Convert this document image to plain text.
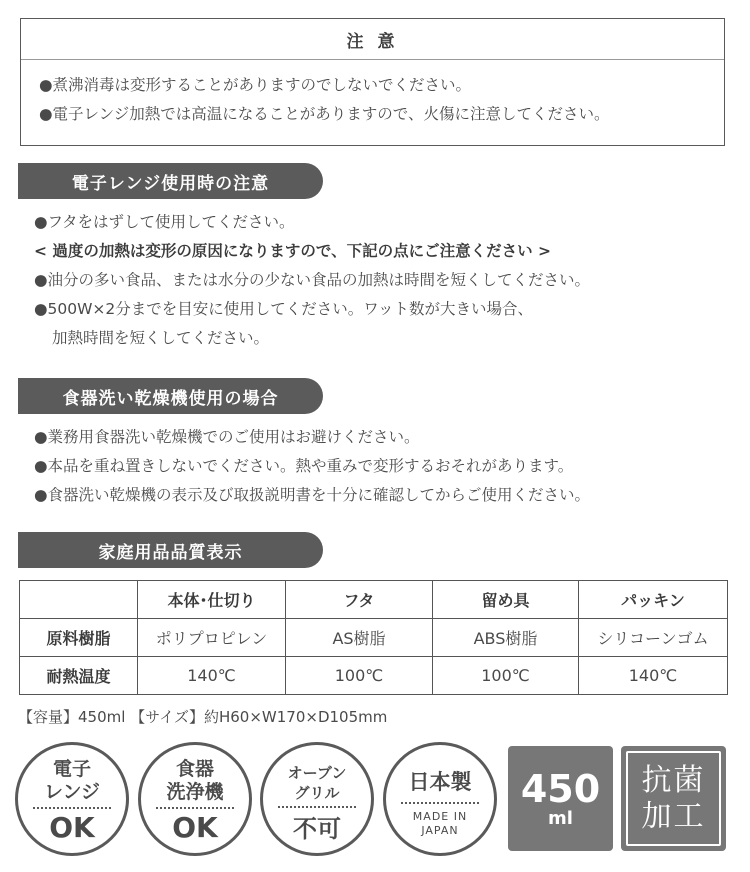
注 意
●煮沸消毒は変形することがありますのでしないでください。
●電子レンジ加熱では高温になることがありますので、火傷に注意してください。
電子レンジ使用時の注意
●フタをはずして使用してください。
< 過度の加熱は変形の原因になりますので、下記の点にご注意ください >
●油分の多い食品、または水分の少ない食品の加熱は時間を短くしてください。
●500W×2分までを目安に使用してください。ワット数が大きい場合、
加熱時間を短くしてください。
食器洗い乾燥機使用の場合
●業務用食器洗い乾燥機でのご使用はお避けください。
●本品を重ね置きしないでください。熱や重みで変形するおそれがあります。
●食器洗い乾燥機の表示及び取扱説明書を十分に確認してからご使用ください。
家庭用品品質表示
	本体･仕切り	フタ	留め具	パッキン
原料樹脂	ポリプロピレン	AS樹脂	ABS樹脂	シリコーンゴム
耐熱温度	140℃	100℃	100℃	140℃
【容量】450ml 【サイズ】約H60×W170×D105mm
電子
レンジ
OK
食器
洗浄機
OK
オーブン
グリル
不可
日本製
MADE IN
JAPAN
450
ml
抗菌
加工
